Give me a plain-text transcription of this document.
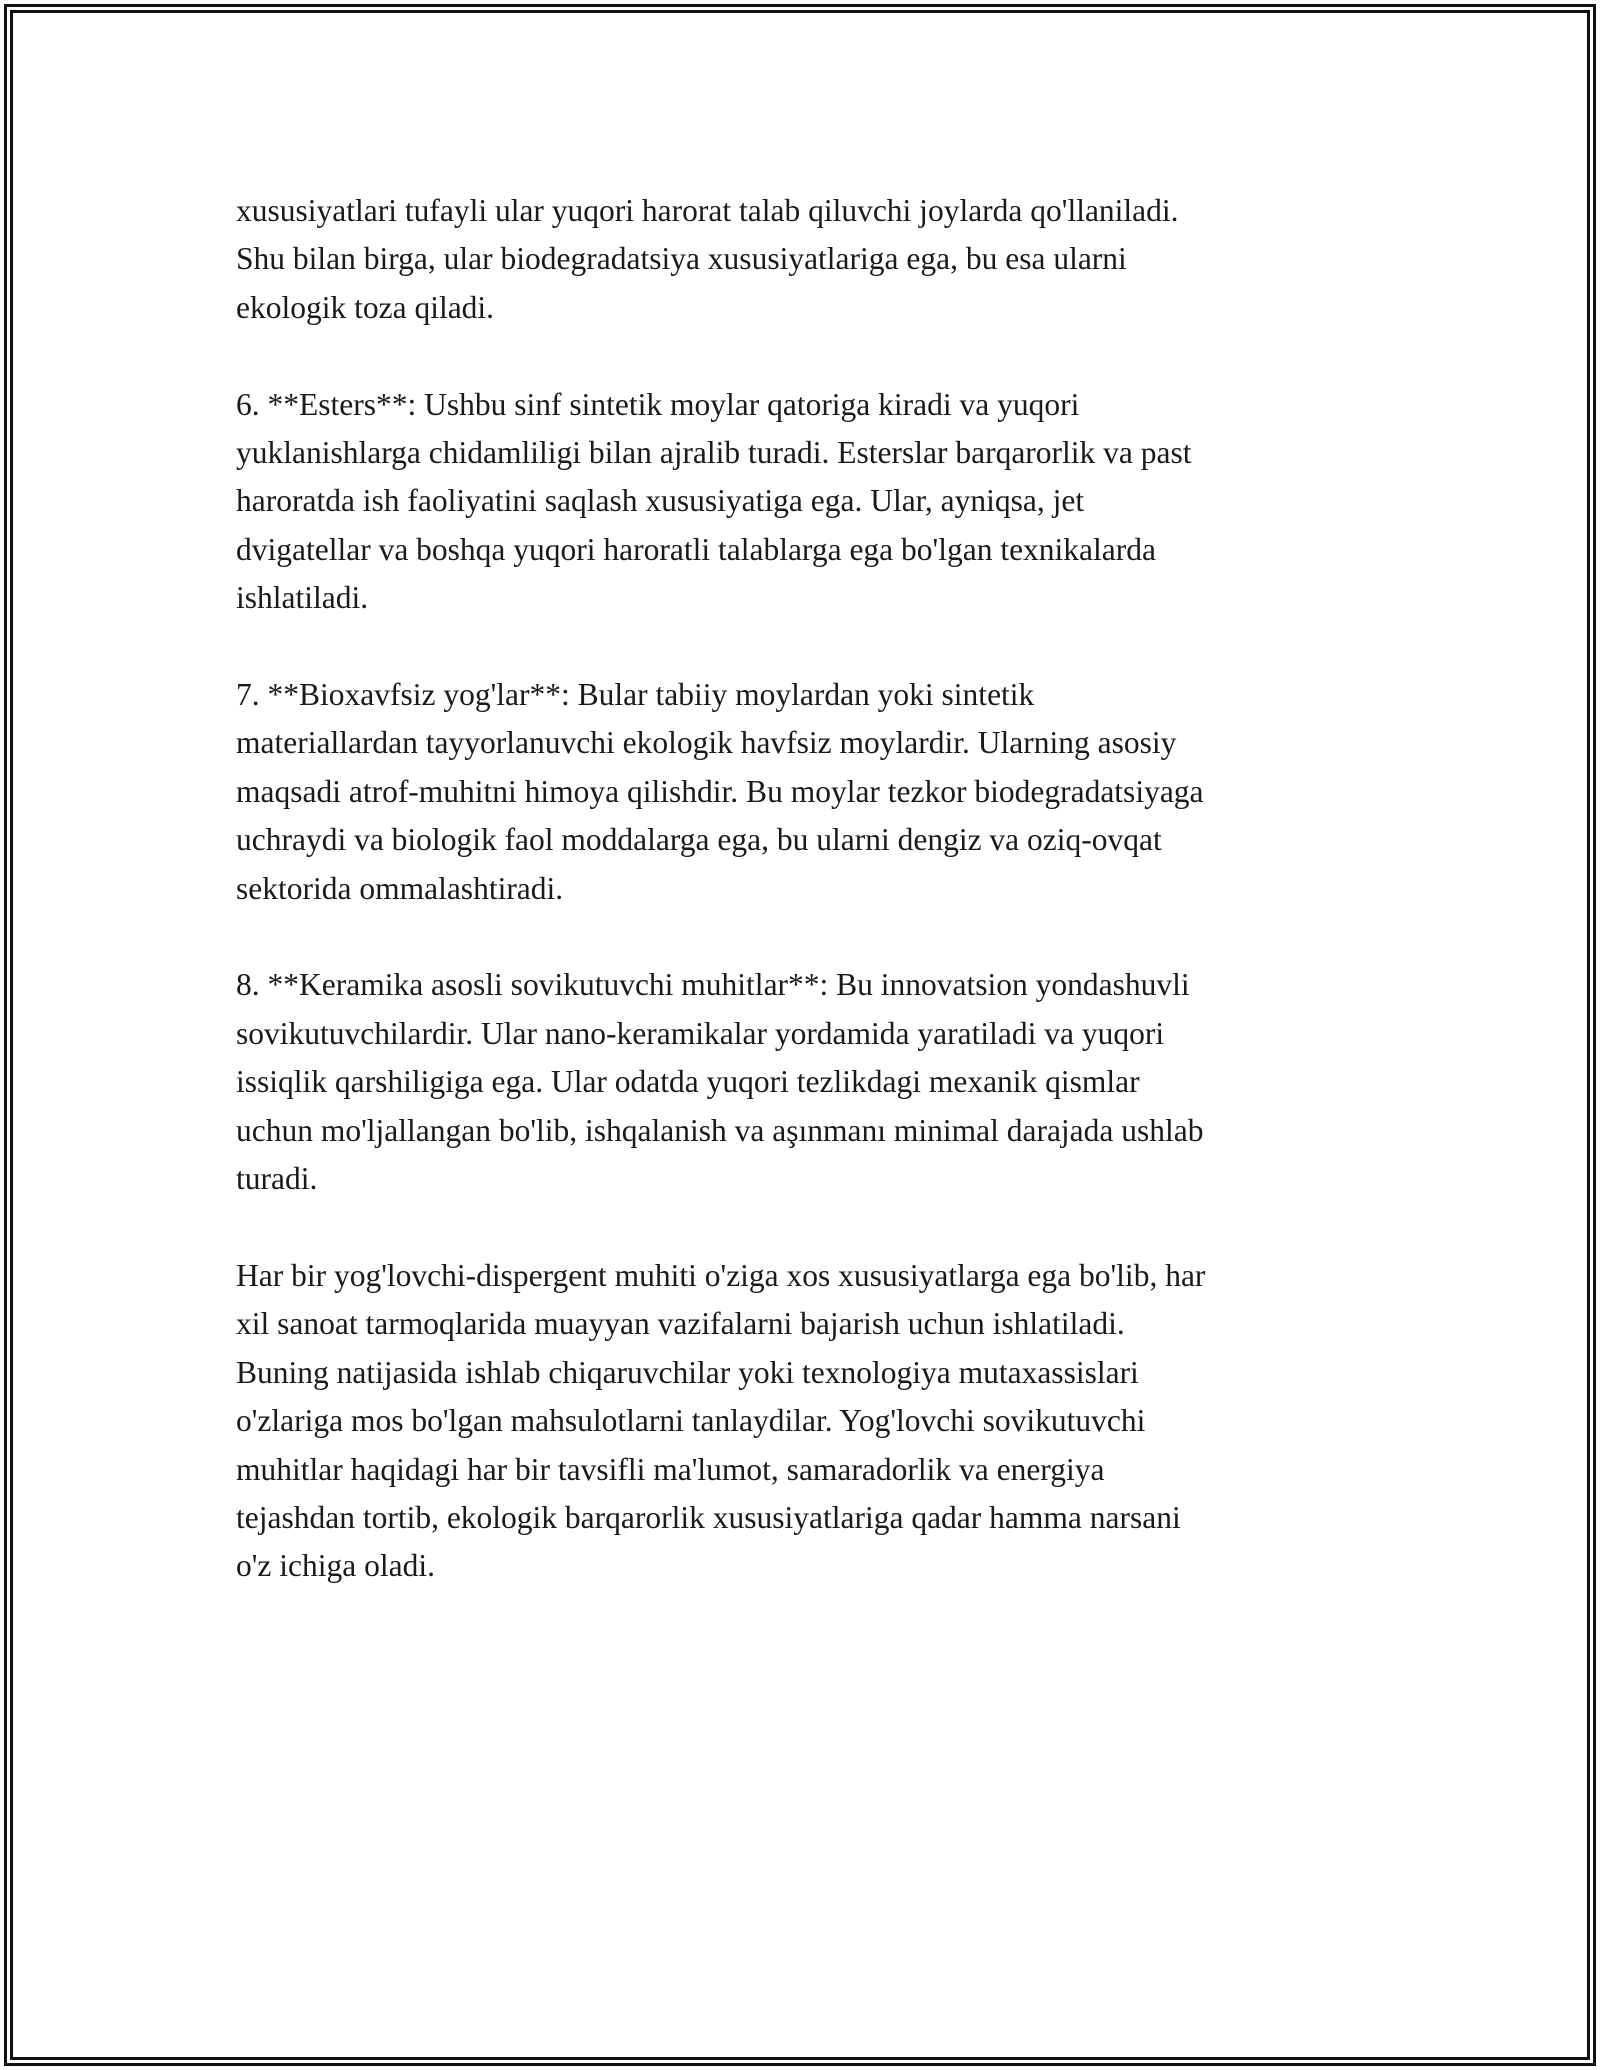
xususiyatlari tufayli ular yuqori harorat talab qiluvchi joylarda qo'llaniladi.
Shu bilan birga, ular biodegradatsiya xususiyatlariga ega, bu esa ularni
ekologik toza qiladi.

6. **Esters**: Ushbu sinf sintetik moylar qatoriga kiradi va yuqori
yuklanishlarga chidamliligi bilan ajralib turadi. Esterslar barqarorlik va past
haroratda ish faoliyatini saqlash xususiyatiga ega. Ular, ayniqsa, jet
dvigatellar va boshqa yuqori haroratli talablarga ega bo'lgan texnikalarda
ishlatiladi.

7. **Bioxavfsiz yog'lar**: Bular tabiiy moylardan yoki sintetik
materiallardan tayyorlanuvchi ekologik havfsiz moylardir. Ularning asosiy
maqsadi atrof-muhitni himoya qilishdir. Bu moylar tezkor biodegradatsiyaga
uchraydi va biologik faol moddalarga ega, bu ularni dengiz va oziq-ovqat
sektorida ommalashtiradi.

8. **Keramika asosli sovikutuvchi muhitlar**: Bu innovatsion yondashuvli
sovikutuvchilardir. Ular nano-keramikalar yordamida yaratiladi va yuqori
issiqlik qarshiligiga ega. Ular odatda yuqori tezlikdagi mexanik qismlar
uchun mo'ljallangan bo'lib, ishqalanish va aşınmanı minimal darajada ushlab
turadi.

Har bir yog'lovchi-dispergent muhiti o'ziga xos xususiyatlarga ega bo'lib, har
xil sanoat tarmoqlarida muayyan vazifalarni bajarish uchun ishlatiladi.
Buning natijasida ishlab chiqaruvchilar yoki texnologiya mutaxassislari
o'zlariga mos bo'lgan mahsulotlarni tanlaydilar. Yog'lovchi sovikutuvchi
muhitlar haqidagi har bir tavsifli ma'lumot, samaradorlik va energiya
tejashdan tortib, ekologik barqarorlik xususiyatlariga qadar hamma narsani
o'z ichiga oladi.
